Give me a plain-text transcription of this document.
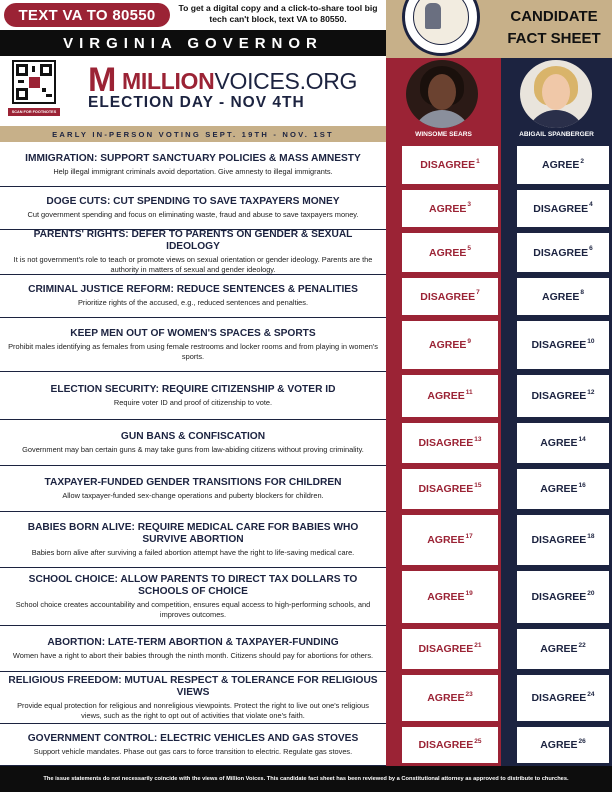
TEXT VA TO 80550	To get a digital copy and a click-to-share tool big tech can't block, text VA to 80550.
VIRGINIA GOVERNOR
CANDIDATE FACT SHEET
WINSOME SEARS	ABIGAIL SPANBERGER
SCAN FOR FOOTNOTES
M MILLIONVOICES.ORG
ELECTION DAY - NOV 4TH
EARLY IN-PERSON VOTING SEPT. 19TH - NOV. 1ST
IMMIGRATION: SUPPORT SANCTUARY POLICIES & MASS AMNESTY
Help illegal immigrant criminals avoid deportation. Give amnesty to illegal immigrants.	DISAGREE$^1$	AGREE$^2$
DOGE CUTS: CUT SPENDING TO SAVE TAXPAYERS MONEY
Cut government spending and focus on eliminating waste, fraud and abuse to save taxpayers money.	AGREE$^3$	DISAGREE$^4$
PARENTS' RIGHTS: DEFER TO PARENTS ON GENDER & SEXUAL IDEOLOGY
It is not government's role to teach or promote views on sexual orientation or gender ideology. Parents are the authority in matters of sexual and gender ideology.
AGREE$^5$	DISAGREE$^6$
CRIMINAL JUSTICE REFORM: REDUCE SENTENCES & PENALITIES
Prioritize rights of the accused, e.g., reduced sentences and penalties.	DISAGREE$^7$	AGREE$^8$
KEEP MEN OUT OF WOMEN'S SPACES & SPORTS
Prohibit males identifying as females from using female restrooms and locker rooms and from playing in women's sports.
AGREE$^9$	DISAGREE$^{10}$
ELECTION SECURITY: REQUIRE CITIZENSHIP & VOTER ID
Require voter ID and proof of citizenship to vote.	AGREE$^{11}$	DISAGREE$^{12}$
GUN BANS & CONFISCATION
Government may ban certain guns & may take guns from law-abiding citizens without proving criminality.	DISAGREE$^{13}$	AGREE$^{14}$
TAXPAYER-FUNDED GENDER TRANSITIONS FOR CHILDREN
Allow taxpayer-funded sex-change operations and puberty blockers for children.	DISAGREE$^{15}$	AGREE$^{16}$
BABIES BORN ALIVE: REQUIRE MEDICAL CARE FOR BABIES WHO SURVIVE ABORTION
Babies born alive after surviving a failed abortion attempt have the right to life-saving medical care.
AGREE$^{17}$	DISAGREE$^{18}$
SCHOOL CHOICE: ALLOW PARENTS TO DIRECT TAX DOLLARS TO SCHOOLS OF CHOICE
School choice creates accountability and competition, ensures equal access to high-performing schools, and improves outcomes.
AGREE$^{19}$	DISAGREE$^{20}$
ABORTION: LATE-TERM ABORTION & TAXPAYER-FUNDING
Women have a right to abort their babies through the ninth month. Citizens should pay for abortions for others.	DISAGREE$^{21}$	AGREE$^{22}$
RELIGIOUS FREEDOM: MUTUAL RESPECT & TOLERANCE FOR RELIGIOUS VIEWS
Provide equal protection for religious and nonreligious viewpoints. Protect the right to live out one's religious views, such as the right to opt out of activities that violate one's faith.
AGREE$^{23}$	DISAGREE$^{24}$
GOVERNMENT CONTROL: ELECTRIC VEHICLES AND GAS STOVES
Support vehicle mandates. Phase out gas cars to force transition to electric. Regulate gas stoves.	DISAGREE$^{25}$	AGREE$^{26}$
The issue statements do not necessarily coincide with the views of Million Voices. This candidate fact sheet has been reviewed by a Constitutional attorney as approved to distribute to churches.
